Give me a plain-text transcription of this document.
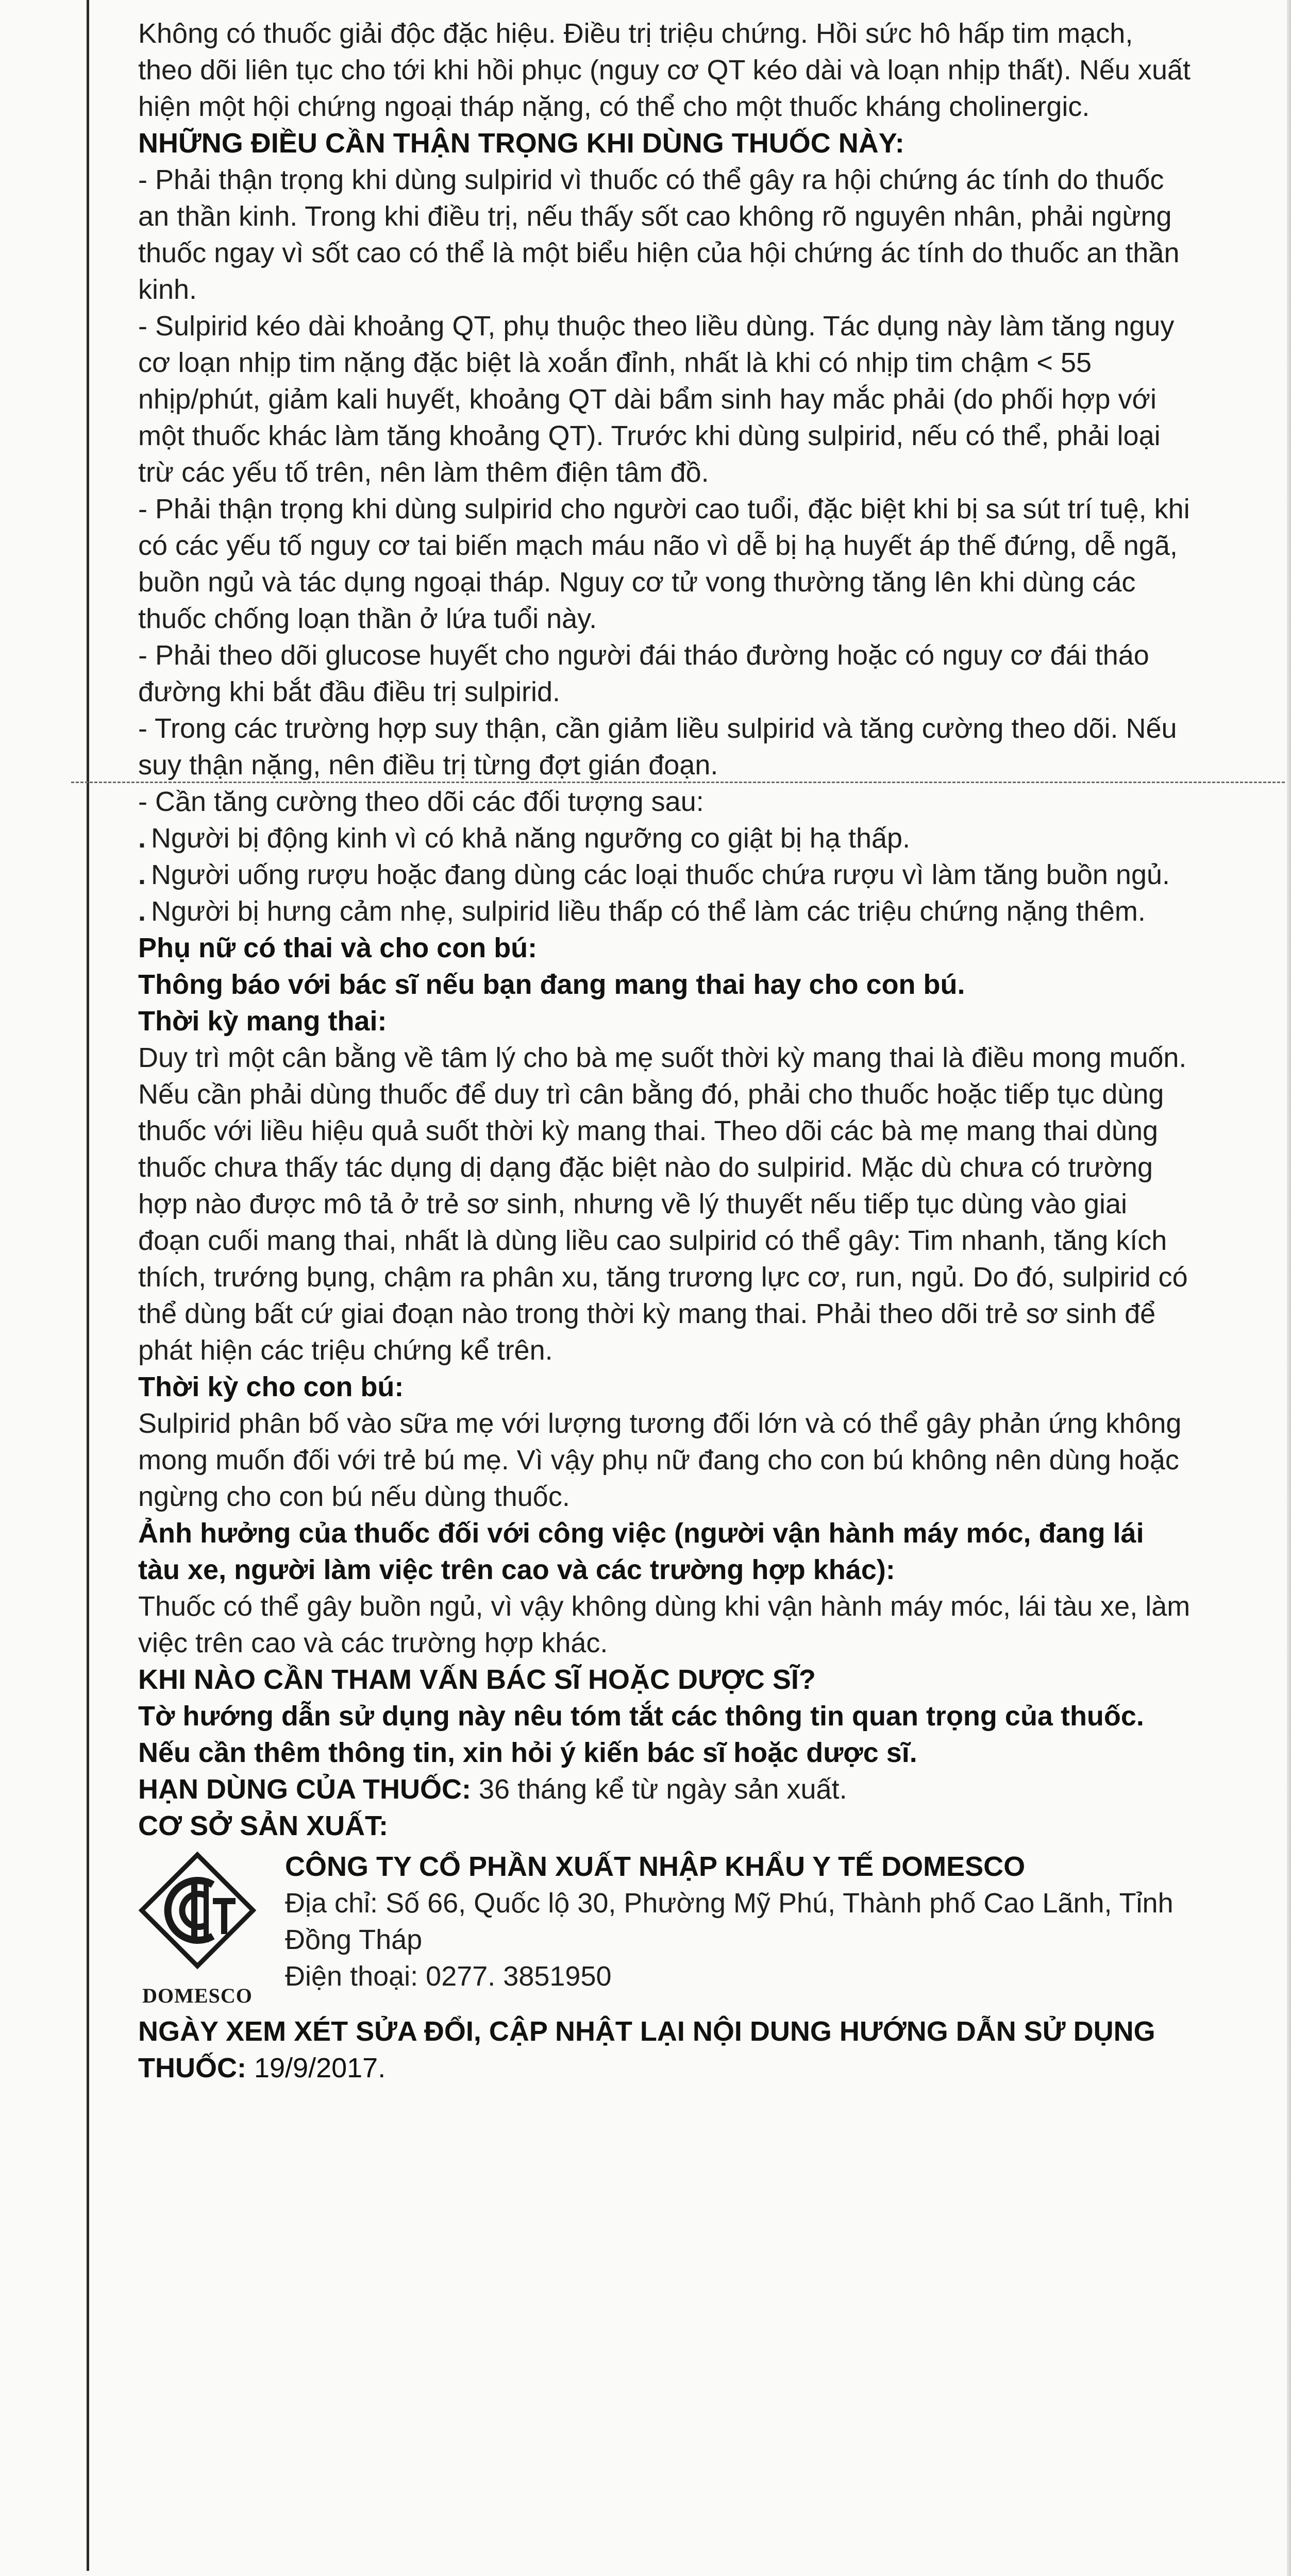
Không có thuốc giải độc đặc hiệu. Điều trị triệu chứng. Hồi sức hô hấp tim mạch, theo dõi liên tục cho tới khi hồi phục (nguy cơ QT kéo dài và loạn nhịp thất). Nếu xuất hiện một hội chứng ngoại tháp nặng, có thể cho một thuốc kháng cholinergic.

NHỮNG ĐIỀU CẦN THẬN TRỌNG KHI DÙNG THUỐC NÀY:

- Phải thận trọng khi dùng sulpirid vì thuốc có thể gây ra hội chứng ác tính do thuốc an thần kinh. Trong khi điều trị, nếu thấy sốt cao không rõ nguyên nhân, phải ngừng thuốc ngay vì sốt cao có thể là một biểu hiện của hội chứng ác tính do thuốc an thần kinh.

- Sulpirid kéo dài khoảng QT, phụ thuộc theo liều dùng. Tác dụng này làm tăng nguy cơ loạn nhịp tim nặng đặc biệt là xoắn đỉnh, nhất là khi có nhịp tim chậm < 55 nhịp/phút, giảm kali huyết, khoảng QT dài bẩm sinh hay mắc phải (do phối hợp với một thuốc khác làm tăng khoảng QT). Trước khi dùng sulpirid, nếu có thể, phải loại trừ các yếu tố trên, nên làm thêm điện tâm đồ.

- Phải thận trọng khi dùng sulpirid cho người cao tuổi, đặc biệt khi bị sa sút trí tuệ, khi có các yếu tố nguy cơ tai biến mạch máu não vì dễ bị hạ huyết áp thế đứng, dễ ngã, buồn ngủ và tác dụng ngoại tháp. Nguy cơ tử vong thường tăng lên khi dùng các thuốc chống loạn thần ở lứa tuổi này.

- Phải theo dõi glucose huyết cho người đái tháo đường hoặc có nguy cơ đái tháo đường khi bắt đầu điều trị sulpirid.

- Trong các trường hợp suy thận, cần giảm liều sulpirid và tăng cường theo dõi. Nếu suy thận nặng, nên điều trị từng đợt gián đoạn.

- Cần tăng cường theo dõi các đối tượng sau:

. Người bị động kinh vì có khả năng ngưỡng co giật bị hạ thấp.

. Người uống rượu hoặc đang dùng các loại thuốc chứa rượu vì làm tăng buồn ngủ.

. Người bị hưng cảm nhẹ, sulpirid liều thấp có thể làm các triệu chứng nặng thêm.

Phụ nữ có thai và cho con bú:

Thông báo với bác sĩ nếu bạn đang mang thai hay cho con bú.

Thời kỳ mang thai:

Duy trì một cân bằng về tâm lý cho bà mẹ suốt thời kỳ mang thai là điều mong muốn. Nếu cần phải dùng thuốc để duy trì cân bằng đó, phải cho thuốc hoặc tiếp tục dùng thuốc với liều hiệu quả suốt thời kỳ mang thai. Theo dõi các bà mẹ mang thai dùng thuốc chưa thấy tác dụng dị dạng đặc biệt nào do sulpirid. Mặc dù chưa có trường hợp nào được mô tả ở trẻ sơ sinh, nhưng về lý thuyết nếu tiếp tục dùng vào giai đoạn cuối mang thai, nhất là dùng liều cao sulpirid có thể gây: Tim nhanh, tăng kích thích, trướng bụng, chậm ra phân xu, tăng trương lực cơ, run, ngủ. Do đó, sulpirid có thể dùng bất cứ giai đoạn nào trong thời kỳ mang thai. Phải theo dõi trẻ sơ sinh để phát hiện các triệu chứng kể trên.

Thời kỳ cho con bú:

Sulpirid phân bố vào sữa mẹ với lượng tương đối lớn và có thể gây phản ứng không mong muốn đối với trẻ bú mẹ. Vì vậy phụ nữ đang cho con bú không nên dùng hoặc ngừng cho con bú nếu dùng thuốc.

Ảnh hưởng của thuốc đối với công việc (người vận hành máy móc, đang lái tàu xe, người làm việc trên cao và các trường hợp khác):

Thuốc có thể gây buồn ngủ, vì vậy không dùng khi vận hành máy móc, lái tàu xe, làm việc trên cao và các trường hợp khác.

KHI NÀO CẦN THAM VẤN BÁC SĨ HOẶC DƯỢC SĨ?

Tờ hướng dẫn sử dụng này nêu tóm tắt các thông tin quan trọng của thuốc. Nếu cần thêm thông tin, xin hỏi ý kiến bác sĩ hoặc dược sĩ.

HẠN DÙNG CỦA THUỐC: 36 tháng kể từ ngày sản xuất.

CƠ SỞ SẢN XUẤT:

DOMESCO

CÔNG TY CỔ PHẦN XUẤT NHẬP KHẨU Y TẾ DOMESCO

Địa chỉ: Số 66, Quốc lộ 30, Phường Mỹ Phú, Thành phố Cao Lãnh, Tỉnh Đồng Tháp

Điện thoại: 0277. 3851950

NGÀY XEM XÉT SỬA ĐỔI, CẬP NHẬT LẠI NỘI DUNG HƯỚNG DẪN SỬ DỤNG THUỐC: 19/9/2017.
